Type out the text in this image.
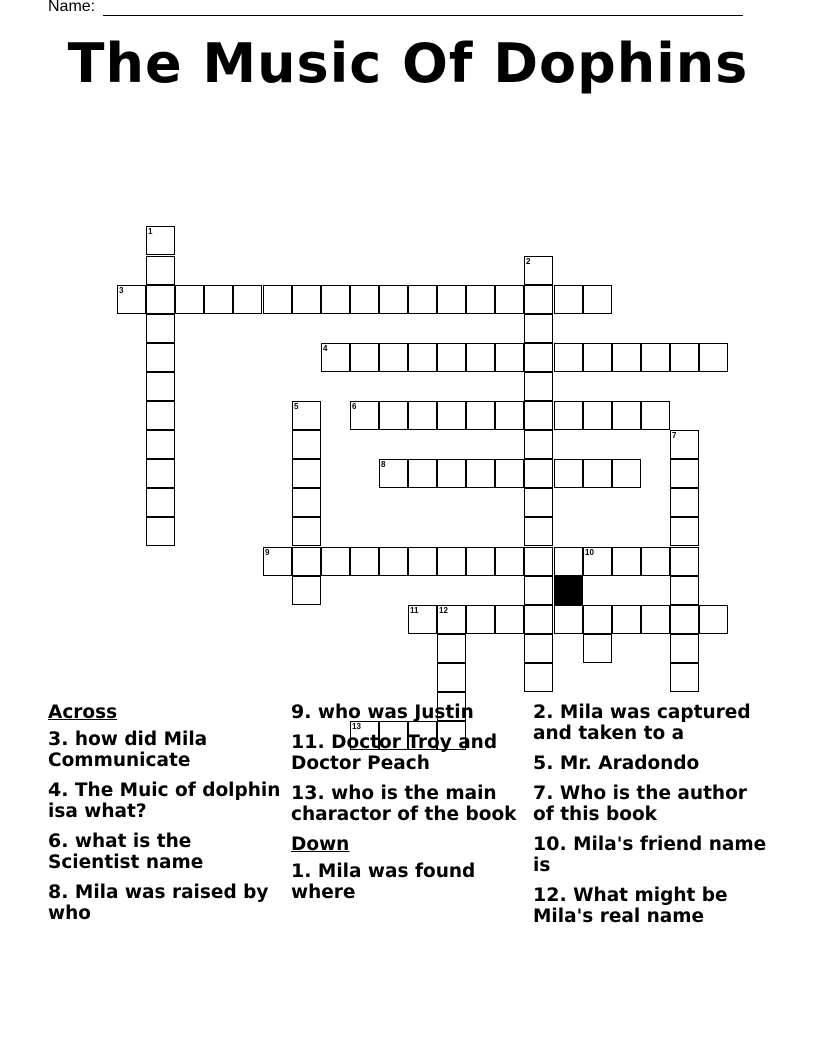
Name:
The Music Of Dophins
1
2
3
4
5	6
7
8
9	10
11	12
13
Across
3. how did Mila Communicate
4. The Muic of dolphin isa what?
6. what is the Scientist name
8. Mila was raised by who
9. who was Justin
11. Doctor Troy and Doctor Peach
13. who is the main charactor of the book
Down
1. Mila was found where
2. Mila was captured and taken to a
5. Mr. Aradondo
7. Who is the author of this book
10. Mila's friend name is
12. What might be Mila's real name
